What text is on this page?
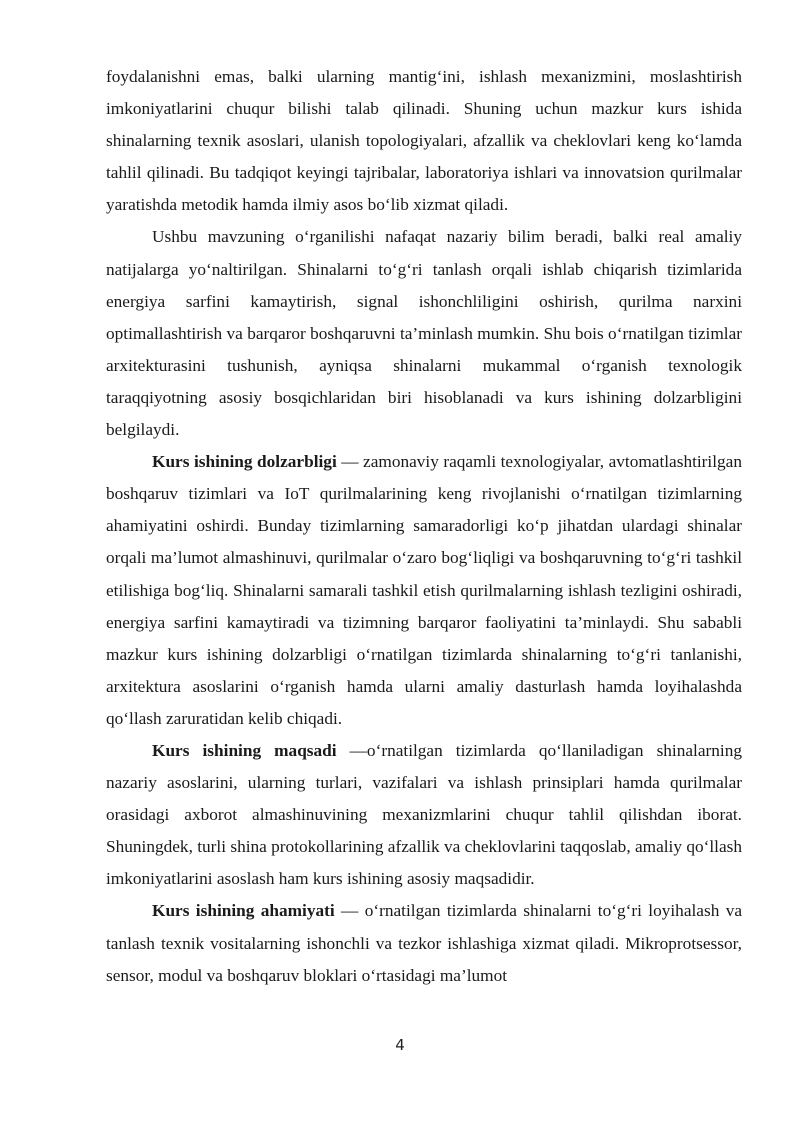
foydalanishni emas, balki ularning mantig‘ini, ishlash mexanizmini, moslashtirish imkoniyatlarini chuqur bilishi talab qilinadi. Shuning uchun mazkur kurs ishida shinalarning texnik asoslari, ulanish topologiyalari, afzallik va cheklovlari keng ko‘lamda tahlil qilinadi. Bu tadqiqot keyingi tajribalar, laboratoriya ishlari va innovatsion qurilmalar yaratishda metodik hamda ilmiy asos bo‘lib xizmat qiladi.

Ushbu mavzuning o‘rganilishi nafaqat nazariy bilim beradi, balki real amaliy natijalarga yo‘naltirilgan. Shinalarni to‘g‘ri tanlash orqali ishlab chiqarish tizimlarida energiya sarfini kamaytirish, signal ishonchliligini oshirish, qurilma narxini optimallashtirish va barqaror boshqaruvni ta’minlash mumkin. Shu bois o‘rnatilgan tizimlar arxitekturasini tushunish, ayniqsa shinalarni mukammal o‘rganish texnologik taraqqiyotning asosiy bosqichlaridan biri hisoblanadi va kurs ishining dolzarbligini belgilaydi.

Kurs ishining dolzarbligi — zamonaviy raqamli texnologiyalar, avtomatlashtirilgan boshqaruv tizimlari va IoT qurilmalarining keng rivojlanishi o‘rnatilgan tizimlarning ahamiyatini oshirdi. Bunday tizimlarning samaradorligi ko‘p jihatdan ulardagi shinalar orqali ma’lumot almashinuvi, qurilmalar o‘zaro bog‘liqligi va boshqaruvning to‘g‘ri tashkil etilishiga bog‘liq. Shinalarni samarali tashkil etish qurilmalarning ishlash tezligini oshiradi, energiya sarfini kamaytiradi va tizimning barqaror faoliyatini ta’minlaydi. Shu sababli mazkur kurs ishining dolzarbligi o‘rnatilgan tizimlarda shinalarning to‘g‘ri tanlanishi, arxitektura asoslarini o‘rganish hamda ularni amaliy dasturlash hamda loyihalashda qo‘llash zaruratidan kelib chiqadi.

Kurs ishining maqsadi —o‘rnatilgan tizimlarda qo‘llaniladigan shinalarning nazariy asoslarini, ularning turlari, vazifalari va ishlash prinsiplari hamda qurilmalar orasidagi axborot almashinuvining mexanizmlarini chuqur tahlil qilishdan iborat. Shuningdek, turli shina protokollarining afzallik va cheklovlarini taqqoslab, amaliy qo‘llash imkoniyatlarini asoslash ham kurs ishining asosiy maqsadidir.

Kurs ishining ahamiyati — o‘rnatilgan tizimlarda shinalarni to‘g‘ri loyihalash va tanlash texnik vositalarning ishonchli va tezkor ishlashiga xizmat qiladi. Mikroprotsessor, sensor, modul va boshqaruv bloklari o‘rtasidagi ma’lumot

4
